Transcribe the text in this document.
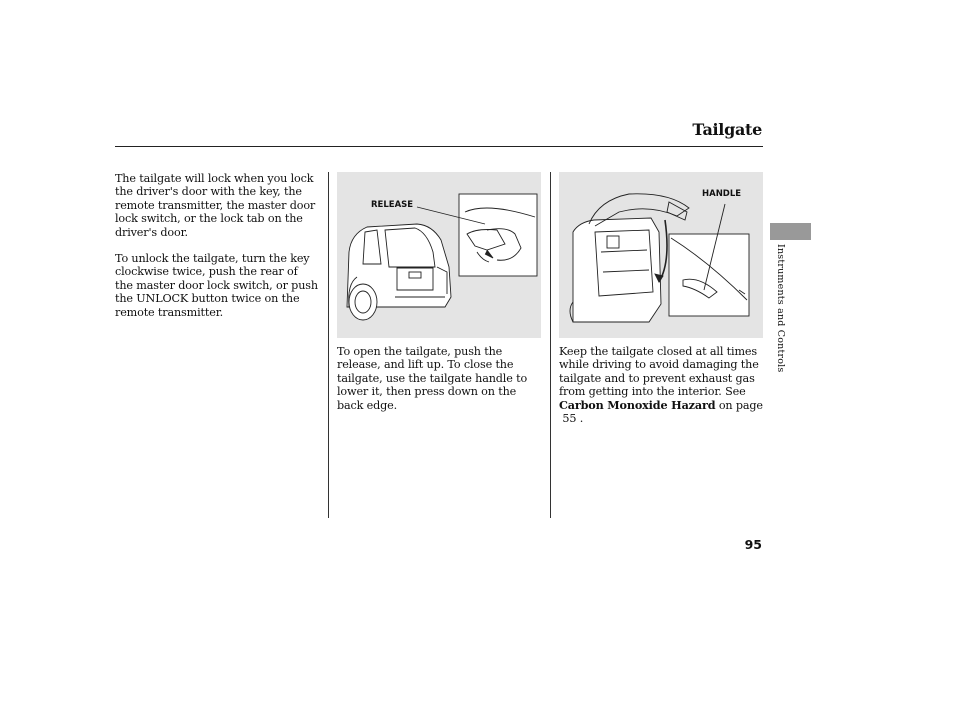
Tailgate
The tailgate will lock when you lock the driver's door with the key, the remote transmitter, the master door lock switch, or the lock tab on the driver's door.
To unlock the tailgate, turn the key clockwise twice, push the rear of the master door lock switch, or push the UNLOCK button twice on the remote transmitter.
RELEASE
To open the tailgate, push the release, and lift up. To close the tailgate, use the tailgate handle to lower it, then press down on the back edge.
HANDLE
Keep the tailgate closed at all times while driving to avoid damaging the tailgate and to prevent exhaust gas from getting into the interior. See Carbon Monoxide Hazard on page
55 .
Instruments and Controls
95
